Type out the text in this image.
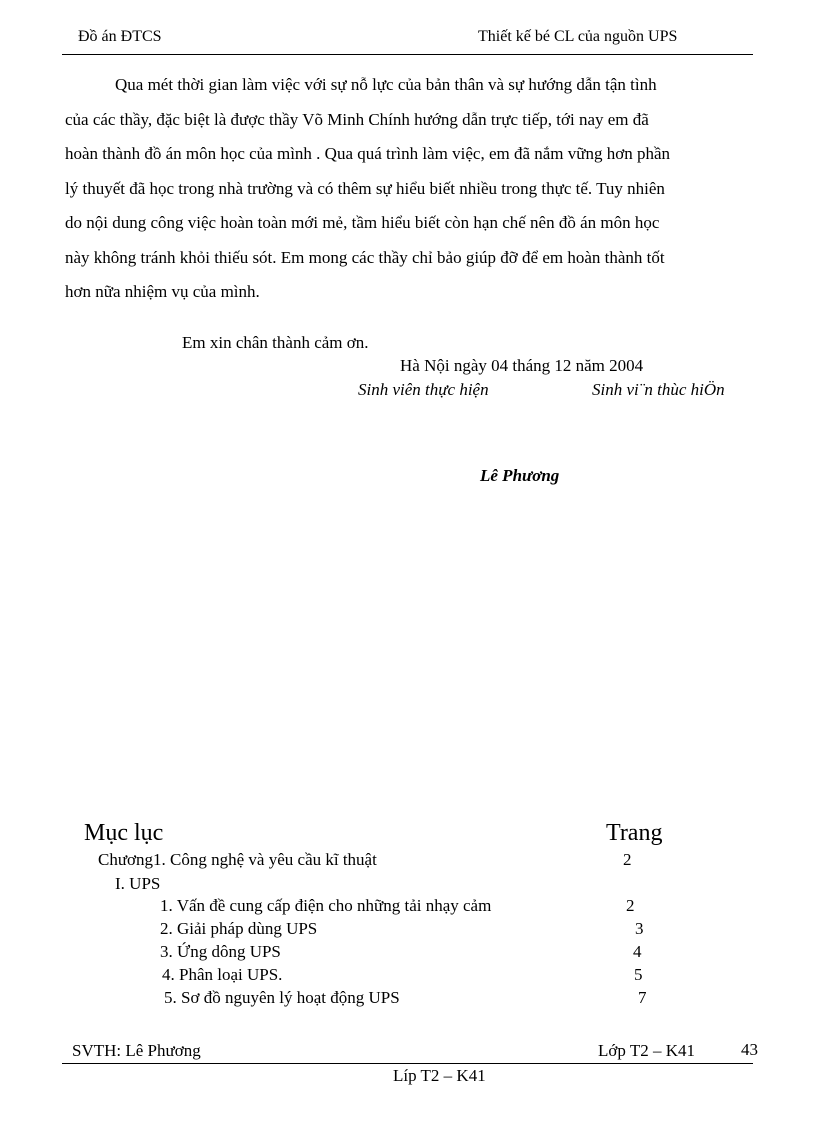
Đồ án ĐTCS	Thiết kế bé CL của nguồn UPS
Qua mét thời gian làm việc với sự nỗ lực của bản thân và sự hướng dẫn tận tình
của các thầy, đặc biệt là được thầy Võ Minh Chính hướng dẫn trực tiếp, tới nay em đã
hoàn thành đồ án môn học của mình . Qua quá trình làm việc, em đã nắm vững hơn phần
lý thuyết đã học trong nhà trường và có thêm sự hiểu biết nhiều trong thực tế. Tuy nhiên
do nội dung công việc hoàn toàn mới mẻ, tầm hiểu biết còn hạn chế nên đồ án môn học
này không tránh khỏi thiếu sót. Em mong các thầy chỉ bảo giúp đỡ để em hoàn thành tốt
hơn nữa nhiệm vụ của mình.
Em xin chân thành cảm ơn.
Hà Nội ngày 04 tháng 12 năm 2004
Sinh viên thực hiện	Sinh vi¨n thùc hiÖn
Lê Phương
Mục lục	Trang
Chương1. Công nghệ và yêu cầu kĩ thuật	2
I. UPS
1. Vấn đề cung cấp điện cho những tải nhạy cảm	2
2. Giải pháp dùng UPS	3
3. Ứng dông UPS	4
4. Phân loại UPS.	5
5. Sơ đồ nguyên lý hoạt động UPS	7
SVTH: Lê Phương	Lớp T2 – K41	43
Líp T2 – K41
